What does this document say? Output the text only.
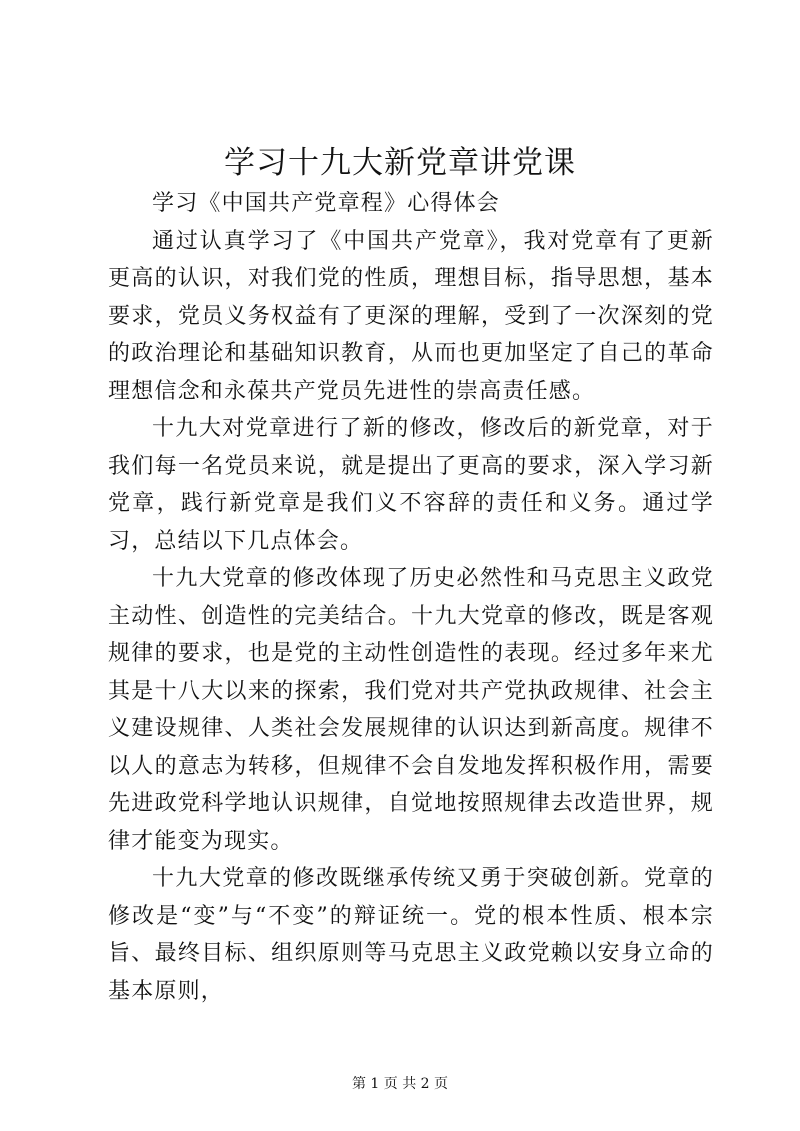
学习十九大新党章讲党课

学习《中国共产党章程》心得体会

通过认真学习了《中国共产党章》，我对党章有了更新更高的认识，对我们党的性质，理想目标，指导思想，基本要求，党员义务权益有了更深的理解，受到了一次深刻的党的政治理论和基础知识教育，从而也更加坚定了自己的革命理想信念和永葆共产党员先进性的崇高责任感。

十九大对党章进行了新的修改，修改后的新党章，对于我们每一名党员来说，就是提出了更高的要求，深入学习新党章，践行新党章是我们义不容辞的责任和义务。通过学习，总结以下几点体会。

十九大党章的修改体现了历史必然性和马克思主义政党主动性、创造性的完美结合。十九大党章的修改，既是客观规律的要求，也是党的主动性创造性的表现。经过多年来尤其是十八大以来的探索，我们党对共产党执政规律、社会主义建设规律、人类社会发展规律的认识达到新高度。规律不以人的意志为转移，但规律不会自发地发挥积极作用，需要先进政党科学地认识规律，自觉地按照规律去改造世界，规律才能变为现实。

十九大党章的修改既继承传统又勇于突破创新。党章的修改是“变”与“不变”的辩证统一。党的根本性质、根本宗旨、最终目标、组织原则等马克思主义政党赖以安身立命的基本原则，

第 1 页 共 2 页
